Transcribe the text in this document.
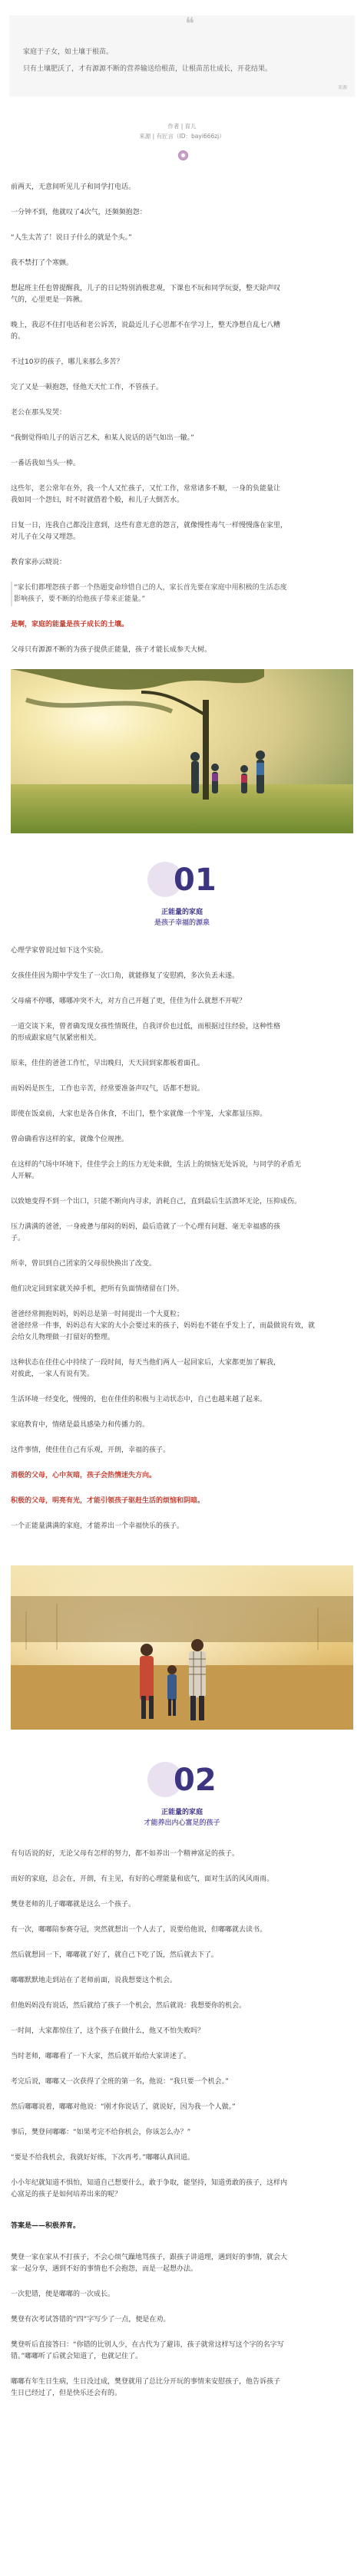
❝
家庭于子女，如土壤于根苗。
只有土壤肥沃了，才有源源不断的营养输送给根苗，让根苗茁壮成长，开花结果。
来源
作者 | 育儿
来源 | 有匠言（ID：bayi666zj）
前两天，无意间听见儿子和同学打电话。
一分钟不到，他就叹了4次气，还频频抱怨：
“人生太苦了！说日子什么的就是个头。”
我不禁打了个寒颤。
想起班主任也曾提醒我，儿子的日记特别消极悲观，下课也不玩和同学玩耍，整天除声叹
气的，心里更是一阵揪。
晚上，我忍不住打电话和老公诉苦，说最近儿子心思都不在学习上，整天净想自乱七八糟
的。
不过10岁的孩子，哪儿来那么多苦？
完了又是一顿抱怨，怪他天天忙工作，不管孩子。
老公在那头发哭：
“我倒觉得咱儿子的语言艺术，和某人说话的语气如出一辙。”
一番话我如当头一棒。
这些年，老公常年在外，我一个人又忙孩子，又忙工作，常常诸多不顺，一身的负能量让
我如同一个怨妇，时不时就借着个般，和儿子大倒苦水。
日复一日，连我自己都没注意到，这些有意无意的怨言，就像慢性毒气一样慢慢落在家里，
对儿子在父母又埋怨。
教育家孙云晓说：
“家长们都埋怨孩子都一个热题变命珍惜自己的人，家长首先要在家庭中用积极的生活态度
影响孩子，要不断的给他孩子带来正能量。”
是啊，家庭的能量是孩子成长的土壤。
父母只有源源不断的为孩子提供正能量，孩子才能长成参天大树。
01
正能量的家庭
是孩子幸福的源泉
心理学家曾说过如下这个实验。
女孩佳佳因为期中学发生了一次口角，就能修复了安慰鸥，多次负丢未遂。
父母痛不停哪，哪哪冲突不大，对方自己开题了更，佳佳为什么就想不开呢？
一道交谈下来，曾者确发现女孩性情既佳，自我评价也过低，而根据过往经验，这种性格
的形成跟家庭气氛紧密相关。
原来，佳佳的爸爸工作忙，早出晚归，天天回到家都板着面孔。
而妈妈是医生，工作也辛苦，经常要准备声叹气，话都不想说。
即使在饭桌前，大家也是各自休食，不出门，整个家就像一个牢笼，大家都显压抑。
曾命确看容这样的家，就像个位规挫。
在这样的气场中环境下，佳佳学会上的压力无处来做，生活上的烦恼无处诉说，与同学的矛盾无
人开解。
以致她变得不到一个出口，只能不断向内寻求，消耗自己，直到最后生活溃坏无论，压抑成伤。
压力满满的爸爸，一身疲惫与郁闷的妈妈，最后造就了一个心理有问题、毫无幸福感的孩
子。
所幸，曾识到自己团家的父母很快换出了改变。
他们决定回到家就关掉手机，把所有负面情绪留在门外。
爸爸经常拥抱妈妈，妈妈总是第一时间提出一个大夏粒；
爸爸经常一件事，妈妈总有大家的大小会要过来的孩子，妈妈也不能在乎发上了，而最做说有效，就
会给女儿物理做一打留好的整理。
这种状态在佳佳心中持续了一段时间，每天当他们两人一起回家后，大家都更加了解我，
对彼此，一家人有说有笑。
生活环境一经变化，慢慢的，也在佳佳的积极与主动状态中，自己也越来越了起来。
家庭教育中，情绪是最具感染力和传播力的。
这件事情，使佳佳自己有乐观，开朗，幸福的孩子。
消极的父母，心中灰暗，孩子会热情迷失方向。
积极的父母，明亮有光，才能引领孩子驱赶生活的烦恼和阴暗。
一个正能量满满的家庭，才能养出一个幸福快乐的孩子。
02
正能量的家庭
才能养出内心富足的孩子
有句话说的好，无论父母有怎样的努力，都不如养出一个精神富足的孩子。
而好的家庭，总会在，开朗，有主见，有好的心理能量和底气，面对生活的风风雨雨。
樊登老师的儿子嘟嘟就是这么一个孩子。
有一次，嘟嘟陪参赛夺冠，突然就想出一个人去了，说要给他说，但嘟嘟就去读书。
然后就想回一下，嘟嘟就了好了，就自己下吃了饭，然后就去下了。
嘟嘟默默地走到站在了老师前面，说我想要这个机会。
但他妈妈没有说话，然后就给了孩子一个机会，然后就说：我想要你的机会。
一时间，大家都惊住了，这个孩子在做什么，他又不怕失败吗？
当时老师，嘟嘟看了一下大家，然后就开始给大家讲述了。
考完后说，嘟嘟又一次获得了全班的第一名，他说：“我只要一个机会。”
然后嘟嘟说着，嘟嘟对他说：“刚才你说话了，就说好，因为我一个人做。”
事后，樊登问嘟嘟：“如果考完不给你机会，你该怎么办？”
“要是不给我机会，我就好好练，下次再考。”嘟嘟认真回道。
小小年纪就知道不惧怕，知道自己想要什么，敢于争取，能坚持，知道勇敢的孩子，这样内
心富足的孩子是如何培养出来的呢？
答案是——积极养育。
樊登一家在家从不打孩子，不会心烦气躁地骂孩子，跟孩子讲道理，遇到好的事情，就会大
家一起分享，遇到不好的事情也不会抱怨，而是一起想办法。
一次犯错，便是嘟嘟的一次成长。
樊登有次考试答错的“四”字写少了一点，便是在劝。
樊登听后直接答曰：“你错的比别人少，在古代为了避讳，孩子就常这样写这个字的名字写
错。”嘟嘟听了后就会知道了，也就记住了。
嘟嘟有年生日生病，生日没过成，樊登就用了总比分开玩的事情来安慰孩子，他告诉孩子
生日已经过了，但是快乐还会有的。
